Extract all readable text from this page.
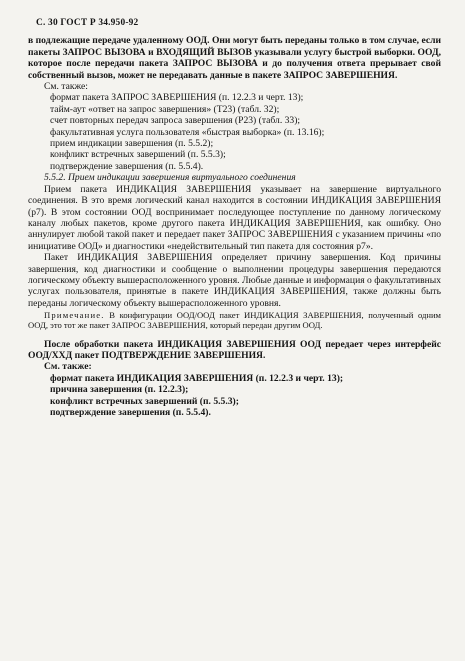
С. 30 ГОСТ Р 34.950-92

в подлежащие передаче удаленному ООД. Они могут быть переданы только в том случае, если пакеты ЗАПРОС ВЫЗОВА и ВХОДЯЩИЙ ВЫЗОВ указывали услугу быстрой выборки. ООД, которое после передачи пакета ЗАПРОС ВЫЗОВА и до получения ответа прерывает свой собственный вызов, может не передавать данные в пакете ЗАПРОС ЗАВЕРШЕНИЯ.

См. также:

формат пакета ЗАПРОС ЗАВЕРШЕНИЯ (п. 12.2.3 и черт. 13);

тайм-аут «ответ на запрос завершения» (Т23) (табл. 32);

счет повторных передач запроса завершения (Р23) (табл. 33);

факультативная услуга пользователя «быстрая выборка» (п. 13.16);

прием индикации завершения (п. 5.5.2);

конфликт встречных завершений (п. 5.5.3);

подтверждение завершения (п. 5.5.4).

5.5.2. Прием индикации завершения виртуального соединения

Прием пакета ИНДИКАЦИЯ ЗАВЕРШЕНИЯ указывает на завершение виртуального соединения. В это время логический канал находится в состоянии ИНДИКАЦИЯ ЗАВЕРШЕНИЯ (р7). В этом состоянии ООД воспринимает последующее поступление по данному логическому каналу любых пакетов, кроме другого пакета ИНДИКАЦИЯ ЗАВЕРШЕНИЯ, как ошибку. Оно аннулирует любой такой пакет и передает пакет ЗАПРОС ЗАВЕРШЕНИЯ с указанием причины «по инициативе ООД» и диагностики «недействительный тип пакета для состояния р7».

Пакет ИНДИКАЦИЯ ЗАВЕРШЕНИЯ определяет причину завершения. Код причины завершения, код диагностики и сообщение о выполнении процедуры завершения передаются логическому объекту вышерасположенного уровня. Любые данные и информация о факультативных услугах пользователя, принятые в пакете ИНДИКАЦИЯ ЗАВЕРШЕНИЯ, также должны быть переданы логическому объекту вышерасположенного уровня.

Примечание. В конфигурации ООД/ООД пакет ИНДИКАЦИЯ ЗАВЕРШЕНИЯ, полученный одним ООД, это тот же пакет ЗАПРОС ЗАВЕРШЕНИЯ, который передан другим ООД.

После обработки пакета ИНДИКАЦИЯ ЗАВЕРШЕНИЯ ООД передает через интерфейс ООД/ХХД пакет ПОДТВЕРЖДЕНИЕ ЗАВЕРШЕНИЯ.

См. также:

формат пакета ИНДИКАЦИЯ ЗАВЕРШЕНИЯ (п. 12.2.3 и черт. 13);

причина завершения (п. 12.2.3);

конфликт встречных завершений (п. 5.5.3);

подтверждение завершения (п. 5.5.4).
